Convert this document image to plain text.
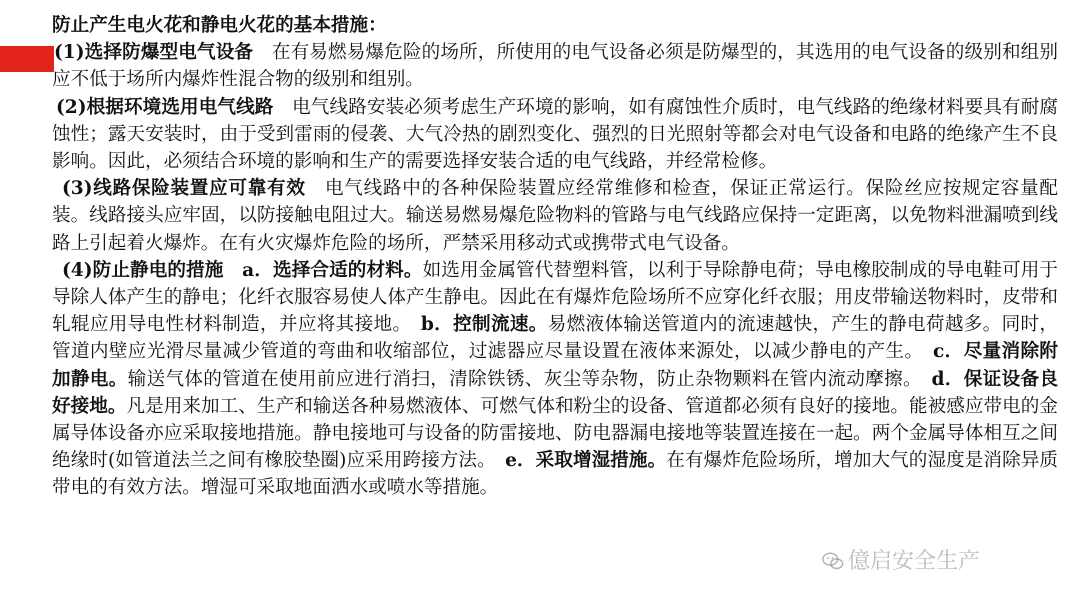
防止产生电火花和静电火花的基本措施：

(1)选择防爆型电气设备　在有易燃易爆危险的场所，所使用的电气设备必须是防爆型的，其选用的电气设备的级别和组别应不低于场所内爆炸性混合物的级别和组别。

(2)根据环境选用电气线路　电气线路安装必须考虑生产环境的影响，如有腐蚀性介质时，电气线路的绝缘材料要具有耐腐蚀性；露天安装时，由于受到雷雨的侵袭、大气冷热的剧烈变化、强烈的日光照射等都会对电气设备和电路的绝缘产生不良影响。因此，必须结合环境的影响和生产的需要选择安装合适的电气线路，并经常检修。

(3)线路保险装置应可靠有效　电气线路中的各种保险装置应经常维修和检查，保证正常运行。保险丝应按规定容量配装。线路接头应牢固，以防接触电阻过大。输送易燃易爆危险物料的管路与电气线路应保持一定距离，以免物料泄漏喷到线路上引起着火爆炸。在有火灾爆炸危险的场所，严禁采用移动式或携带式电气设备。

(4)防止静电的措施　a．选择合适的材料。如选用金属管代替塑料管，以利于导除静电荷；导电橡胶制成的导电鞋可用于导除人体产生的静电；化纤衣服容易使人体产生静电。因此在有爆炸危险场所不应穿化纤衣服；用皮带输送物料时，皮带和轧辊应用导电性材料制造，并应将其接地。　b．控制流速。易燃液体输送管道内的流速越快，产生的静电荷越多。同时，管道内壁应光滑尽量减少管道的弯曲和收缩部位，过滤器应尽量设置在液体来源处，以减少静电的产生。　c．尽量消除附加静电。输送气体的管道在使用前应进行消扫，清除铁锈、灰尘等杂物，防止杂物颗料在管内流动摩擦。　d．保证设备良好接地。凡是用来加工、生产和输送各种易燃液体、可燃气体和粉尘的设备、管道都必须有良好的接地。能被感应带电的金属导体设备亦应采取接地措施。静电接地可与设备的防雷接地、防电器漏电接地等装置连接在一起。两个金属导体相互之间绝缘时(如管道法兰之间有橡胶垫圈)应采用跨接方法。　e．采取增湿措施。在有爆炸危险场所，增加大气的湿度是消除异质带电的有效方法。增湿可采取地面洒水或喷水等措施。

億启安全生产
